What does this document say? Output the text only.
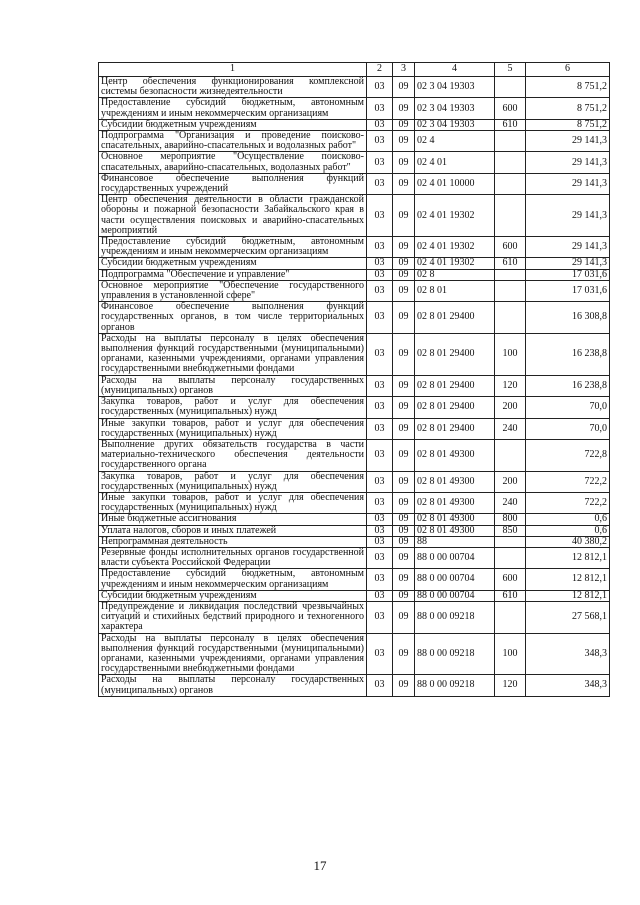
1	2	3	4	5	6
Центр обеспечения функционирования комплексной системы безопасности жизнедеятельности	03	09	02 3 04 19303		8 751,2
Предоставление субсидий бюджетным, автономным учреждениям и иным некоммерческим организациям	03	09	02 3 04 19303	600	8 751,2
Субсидии бюджетным учреждениям	03	09	02 3 04 19303	610	8 751,2
Подпрограмма "Организация и проведение поисково-спасательных, аварийно-спасательных и водолазных работ"	03	09	02 4		29 141,3
Основное мероприятие "Осуществление поисково-спасательных, аварийно-спасательных, водолазных работ"	03	09	02 4 01		29 141,3
Финансовое обеспечение выполнения функций государственных учреждений	03	09	02 4 01 10000		29 141,3
Центр обеспечения деятельности в области гражданской обороны и пожарной безопасности Забайкальского края в части осуществления поисковых и аварийно-спасательных мероприятий	03	09	02 4 01 19302		29 141,3
Предоставление субсидий бюджетным, автономным учреждениям и иным некоммерческим организациям	03	09	02 4 01 19302	600	29 141,3
Субсидии бюджетным учреждениям	03	09	02 4 01 19302	610	29 141,3
Подпрограмма "Обеспечение и управление"	03	09	02 8		17 031,6
Основное мероприятие "Обеспечение государственного управления в установленной сфере"	03	09	02 8 01		17 031,6
Финансовое обеспечение выполнения функций государственных органов, в том числе территориальных органов	03	09	02 8 01 29400		16 308,8
Расходы на выплаты персоналу в целях обеспечения выполнения функций государственными (муниципальными) органами, казенными учреждениями, органами управления государственными внебюджетными фондами	03	09	02 8 01 29400	100	16 238,8
Расходы на выплаты персоналу государственных (муниципальных) органов	03	09	02 8 01 29400	120	16 238,8
Закупка товаров, работ и услуг для обеспечения государственных (муниципальных) нужд	03	09	02 8 01 29400	200	70,0
Иные закупки товаров, работ и услуг для обеспечения государственных (муниципальных) нужд	03	09	02 8 01 29400	240	70,0
Выполнение других обязательств государства в части материально-технического обеспечения деятельности государственного органа	03	09	02 8 01 49300		722,8
Закупка товаров, работ и услуг для обеспечения государственных (муниципальных) нужд	03	09	02 8 01 49300	200	722,2
Иные закупки товаров, работ и услуг для обеспечения государственных (муниципальных) нужд	03	09	02 8 01 49300	240	722,2
Иные бюджетные ассигнования	03	09	02 8 01 49300	800	0,6
Уплата налогов, сборов и иных платежей	03	09	02 8 01 49300	850	0,6
Непрограммная деятельность	03	09	88		40 380,2
Резервные фонды исполнительных органов государственной власти субъекта Российской Федерации	03	09	88 0 00 00704		12 812,1
Предоставление субсидий бюджетным, автономным учреждениям и иным некоммерческим организациям	03	09	88 0 00 00704	600	12 812,1
Субсидии бюджетным учреждениям	03	09	88 0 00 00704	610	12 812,1
Предупреждение и ликвидация последствий чрезвычайных ситуаций и стихийных бедствий природного и техногенного характера	03	09	88 0 00 09218		27 568,1
Расходы на выплаты персоналу в целях обеспечения выполнения функций государственными (муниципальными) органами, казенными учреждениями, органами управления государственными внебюджетными фондами	03	09	88 0 00 09218	100	348,3
Расходы на выплаты персоналу государственных (муниципальных) органов	03	09	88 0 00 09218	120	348,3
17
